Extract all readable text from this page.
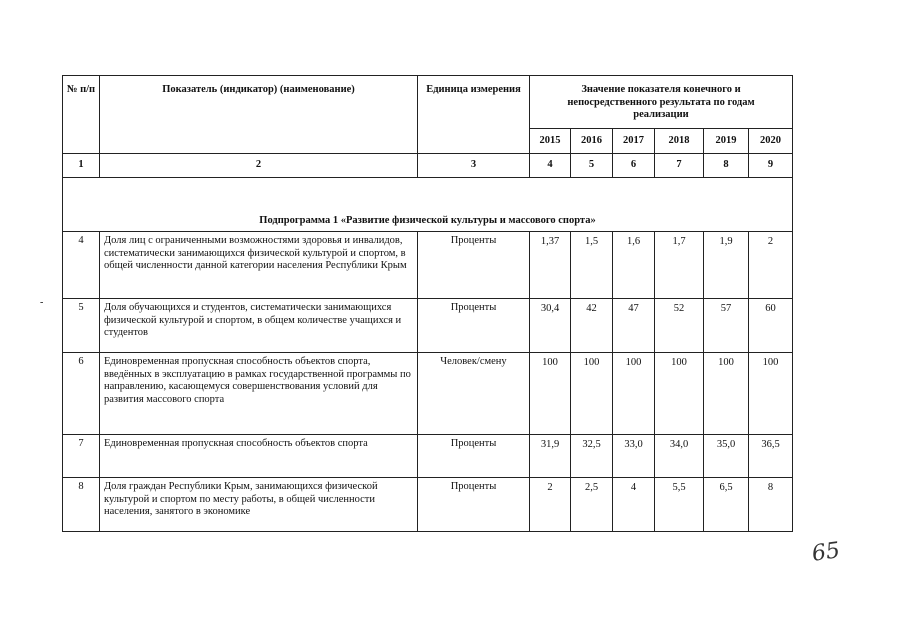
№ п/п	Показатель (индикатор) (наименование)	Единица измерения	Значение показателя конечного и непосредственного результата по годам реализации					
			2015	2016	2017	2018	2019	2020
1	2	3	4	5	6	7	8	9
Подпрограмма 1 «Развитие физической культуры и массового спорта»								
4	Доля лиц с ограниченными возможностями здоровья и инвалидов, систематически занимающихся физической культурой и спортом, в общей численности данной категории населения Республики Крым	Проценты	1,37	1,5	1,6	1,7	1,9	2
5	Доля обучающихся и студентов, систематически занимающихся физической культурой и спортом, в общем количестве учащихся и студентов	Проценты	30,4	42	47	52	57	60
6	Единовременная пропускная способность объектов спорта, введённых в эксплуатацию в рамках государственной программы по направлению, касающемуся совершенствования условий для развития массового спорта	Человек/смену	100	100	100	100	100	100
7	Единовременная пропускная способность объектов спорта	Проценты	31,9	32,5	33,0	34,0	35,0	36,5
8	Доля граждан Республики Крым, занимающихся физической культурой и спортом по месту работы, в общей численности населения, занятого в экономике	Проценты	2	2,5	4	5,5	6,5	8
-
65
